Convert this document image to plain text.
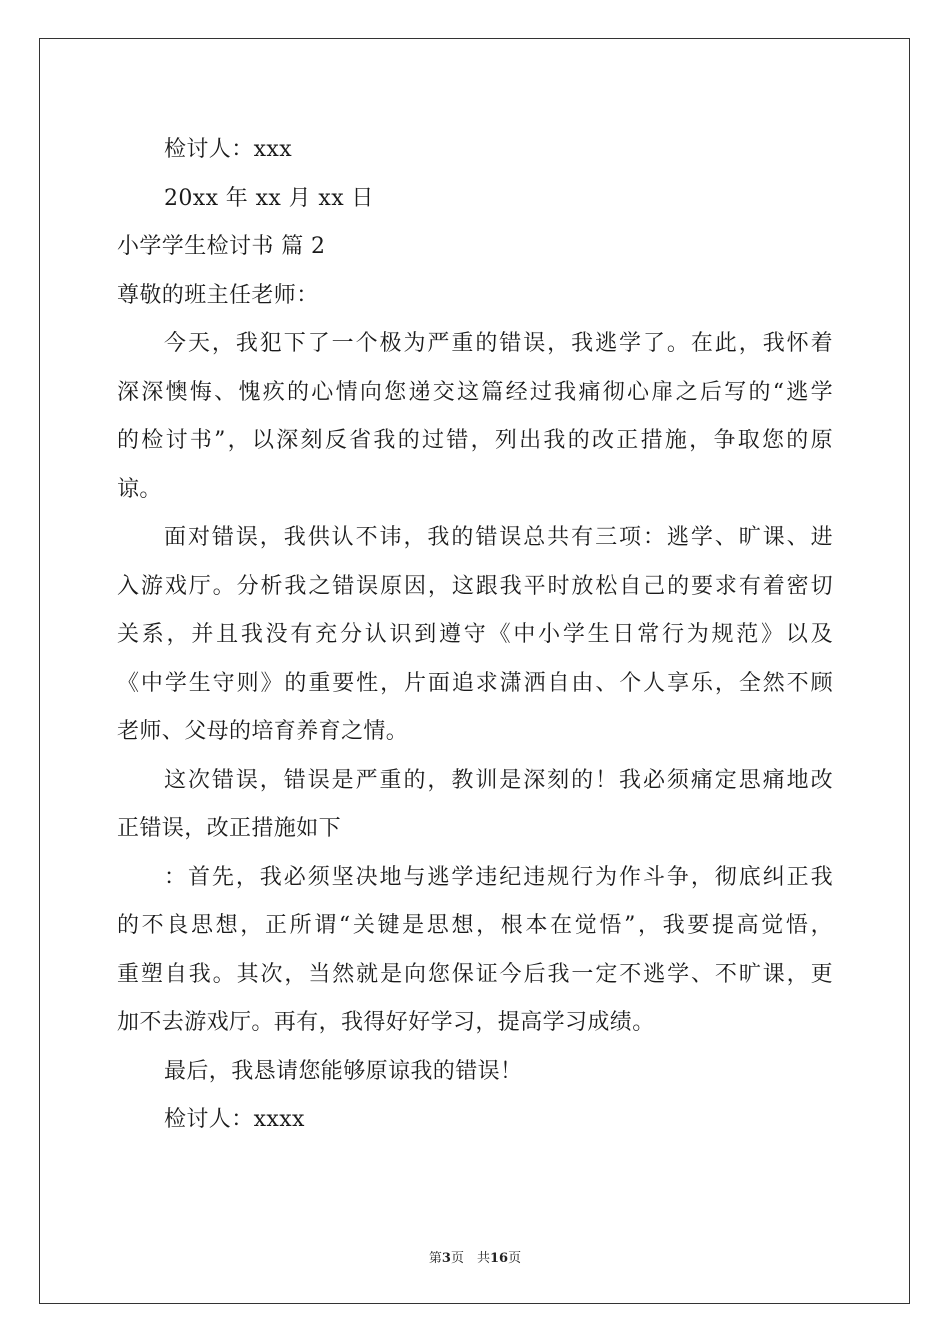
检讨人：xxx
20xx 年 xx 月 xx 日
小学学生检讨书 篇 2
尊敬的班主任老师：
今天，我犯下了一个极为严重的错误，我逃学了。在此，我怀着
深深懊悔、愧疚的心情向您递交这篇经过我痛彻心扉之后写的“逃学
的检讨书”，以深刻反省我的过错，列出我的改正措施，争取您的原
谅。
面对错误，我供认不讳，我的错误总共有三项：逃学、旷课、进
入游戏厅。分析我之错误原因，这跟我平时放松自己的要求有着密切
关系，并且我没有充分认识到遵守《中小学生日常行为规范》以及
《中学生守则》的重要性，片面追求潇洒自由、个人享乐，全然不顾
老师、父母的培育养育之情。
这次错误，错误是严重的，教训是深刻的！我必须痛定思痛地改
正错误，改正措施如下
：首先，我必须坚决地与逃学违纪违规行为作斗争，彻底纠正我
的不良思想，正所谓“关键是思想，根本在觉悟”，我要提高觉悟，
重塑自我。其次，当然就是向您保证今后我一定不逃学、不旷课，更
加不去游戏厅。再有，我得好好学习，提高学习成绩。
最后，我恳请您能够原谅我的错误！
检讨人：xxxx
第3页　共16页
